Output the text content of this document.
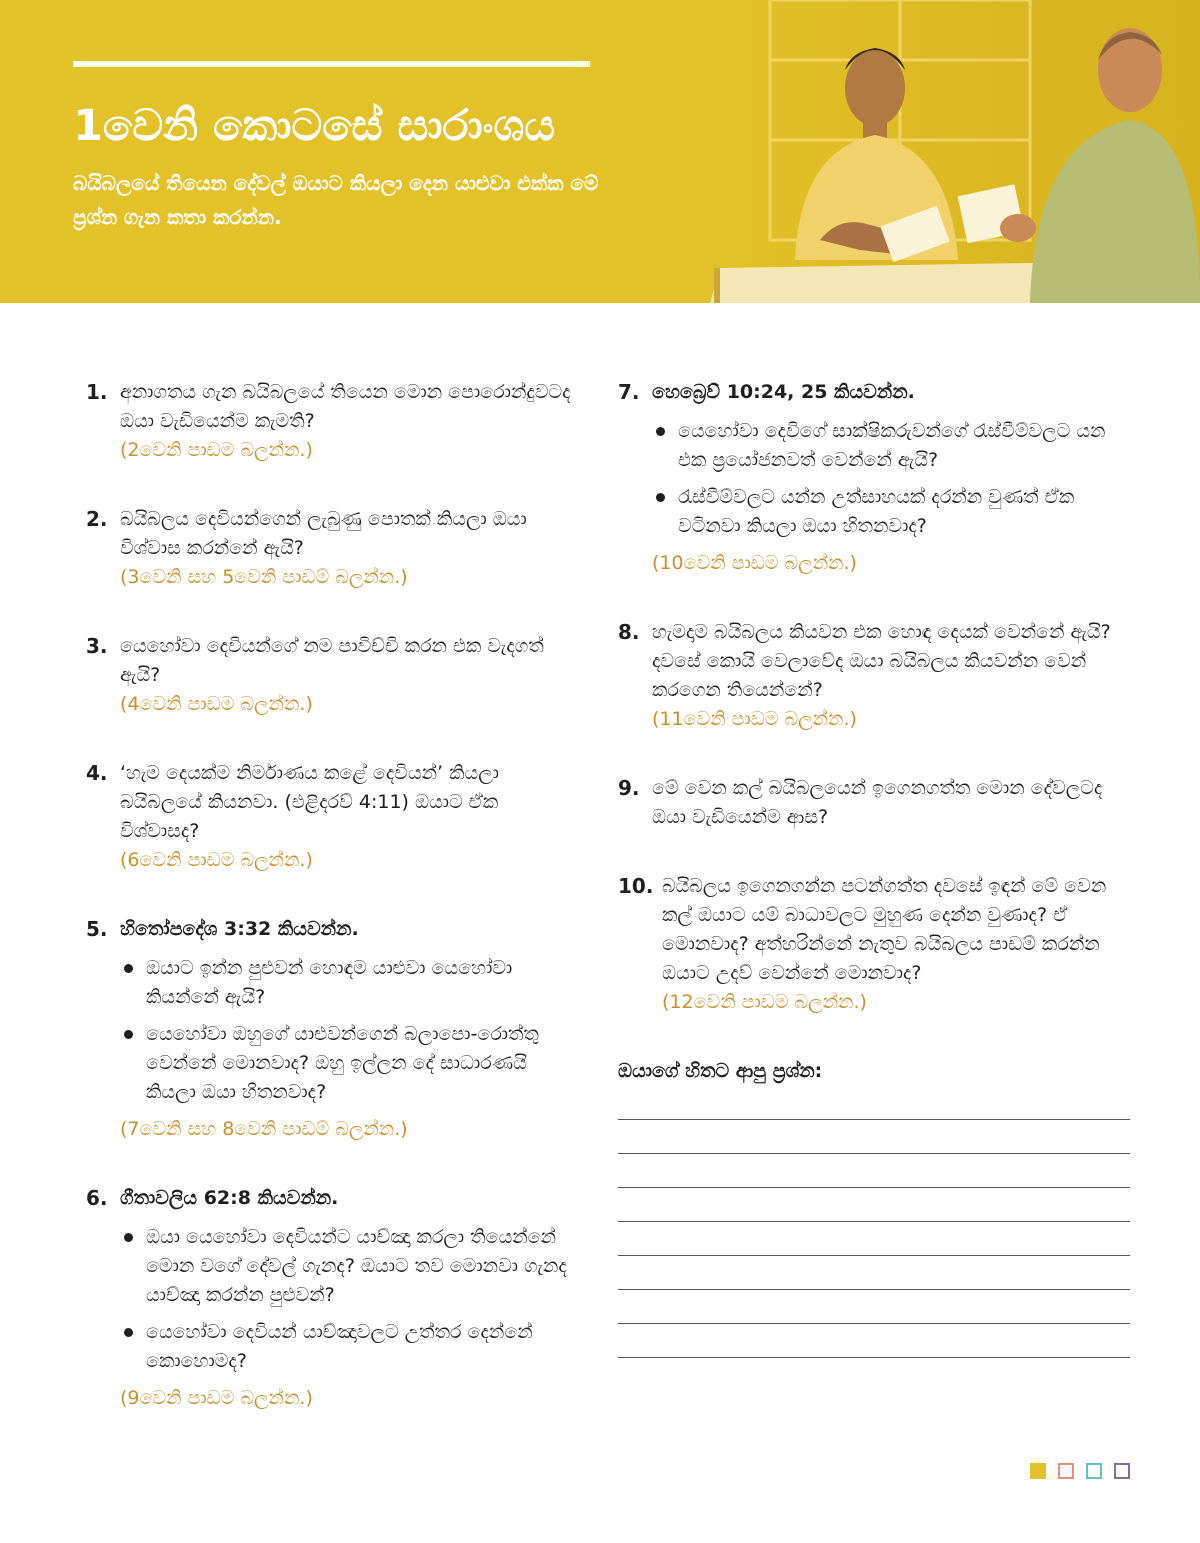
1වෙනි කොටසේ සාරාංශය
බයිබලයේ තියෙන දේවල් ඔයාට කියලා දෙන යාළුවා එක්ක මේ ප්‍රශ්න ගැන කතා කරන්න.
1. අනාගතය ගැන බයිබලයේ තියෙන මොන පොරොන්දුවටද ඔයා වැඩියෙන්ම කැමති?
(2වෙනි පාඩම බලන්න.)
2. බයිබලය දෙවියන්ගෙන් ලැබුණු පොතක් කියලා ඔයා විශ්වාස කරන්නේ ඇයි?
(3වෙනි සහ 5වෙනි පාඩම් බලන්න.)
3. යෙහෝවා දෙවියන්ගේ නම පාවිච්චි කරන එක වැදගත් ඇයි?
(4වෙනි පාඩම බලන්න.)
4. ‘හැම දෙයක්ම නිර්මාණය කළේ දෙවියන්’ කියලා බයිබලයේ කියනවා. (එළිදරව් 4:11) ඔයාට ඒක විශ්වාසද?
(6වෙනි පාඩම බලන්න.)
5. හිතෝපදේශ 3:32 කියවන්න.
ඔයාට ඉන්න පුළුවන් හොඳම යාළුවා යෙහෝවා කියන්නේ ඇයි?
යෙහෝවා ඔහුගේ යාළුවන්ගෙන් බලාපො-රොත්තු වෙන්නේ මොනවාද? ඔහු ඉල්ලන දේ සාධාරණයි කියලා ඔයා හිතනවාද?
(7වෙනි සහ 8වෙනි පාඩම් බලන්න.)
6. ගීතාවලිය 62:8 කියවන්න.
ඔයා යෙහෝවා දෙවියන්ට යාච්ඤා කරලා තියෙන්නේ මොන වගේ දේවල් ගැනද? ඔයාට තව මොනවා ගැනද යාච්ඤා කරන්න පුළුවන්?
යෙහෝවා දෙවියන් යාච්ඤාවලට උත්තර දෙන්නේ කොහොමද?
(9වෙනි පාඩම බලන්න.)
7. හෙබ්‍රෙව් 10:24, 25 කියවන්න.
යෙහෝවා දෙවිගේ සාක්ෂිකරුවන්ගේ රැස්වීම්වලට යන එක ප්‍රයෝජනවත් වෙන්නේ ඇයි?
රැස්වීම්වලට යන්න උත්සාහයක් දරන්න වුණත් ඒක වටිනවා කියලා ඔයා හිතනවාද?
(10වෙනි පාඩම බලන්න.)
8. හැමදාම බයිබලය කියවන එක හොඳ දෙයක් වෙන්නේ ඇයි? දවසේ කොයි වෙලාවේද ඔයා බයිබලය කියවන්න වෙන් කරගෙන තියෙන්නේ?
(11වෙනි පාඩම බලන්න.)
9. මේ වෙන කල් බයිබලයෙන් ඉගෙනගත්ත මොන දේවලටද ඔයා වැඩියෙන්ම ආස?
10. බයිබලය ඉගෙනගන්න පටන්ගත්ත දවසේ ඉඳන් මේ වෙන කල් ඔයාට යම් බාධාවලට මුහුණ දෙන්න වුණාද? ඒ මොනවාද? අත්හරින්නේ නැතුව බයිබලය පාඩම් කරන්න ඔයාට උදව් වෙන්නේ මොනවාද?
(12වෙනි පාඩම බලන්න.)
ඔයාගේ හිතට ආපු ප්‍රශ්න:
